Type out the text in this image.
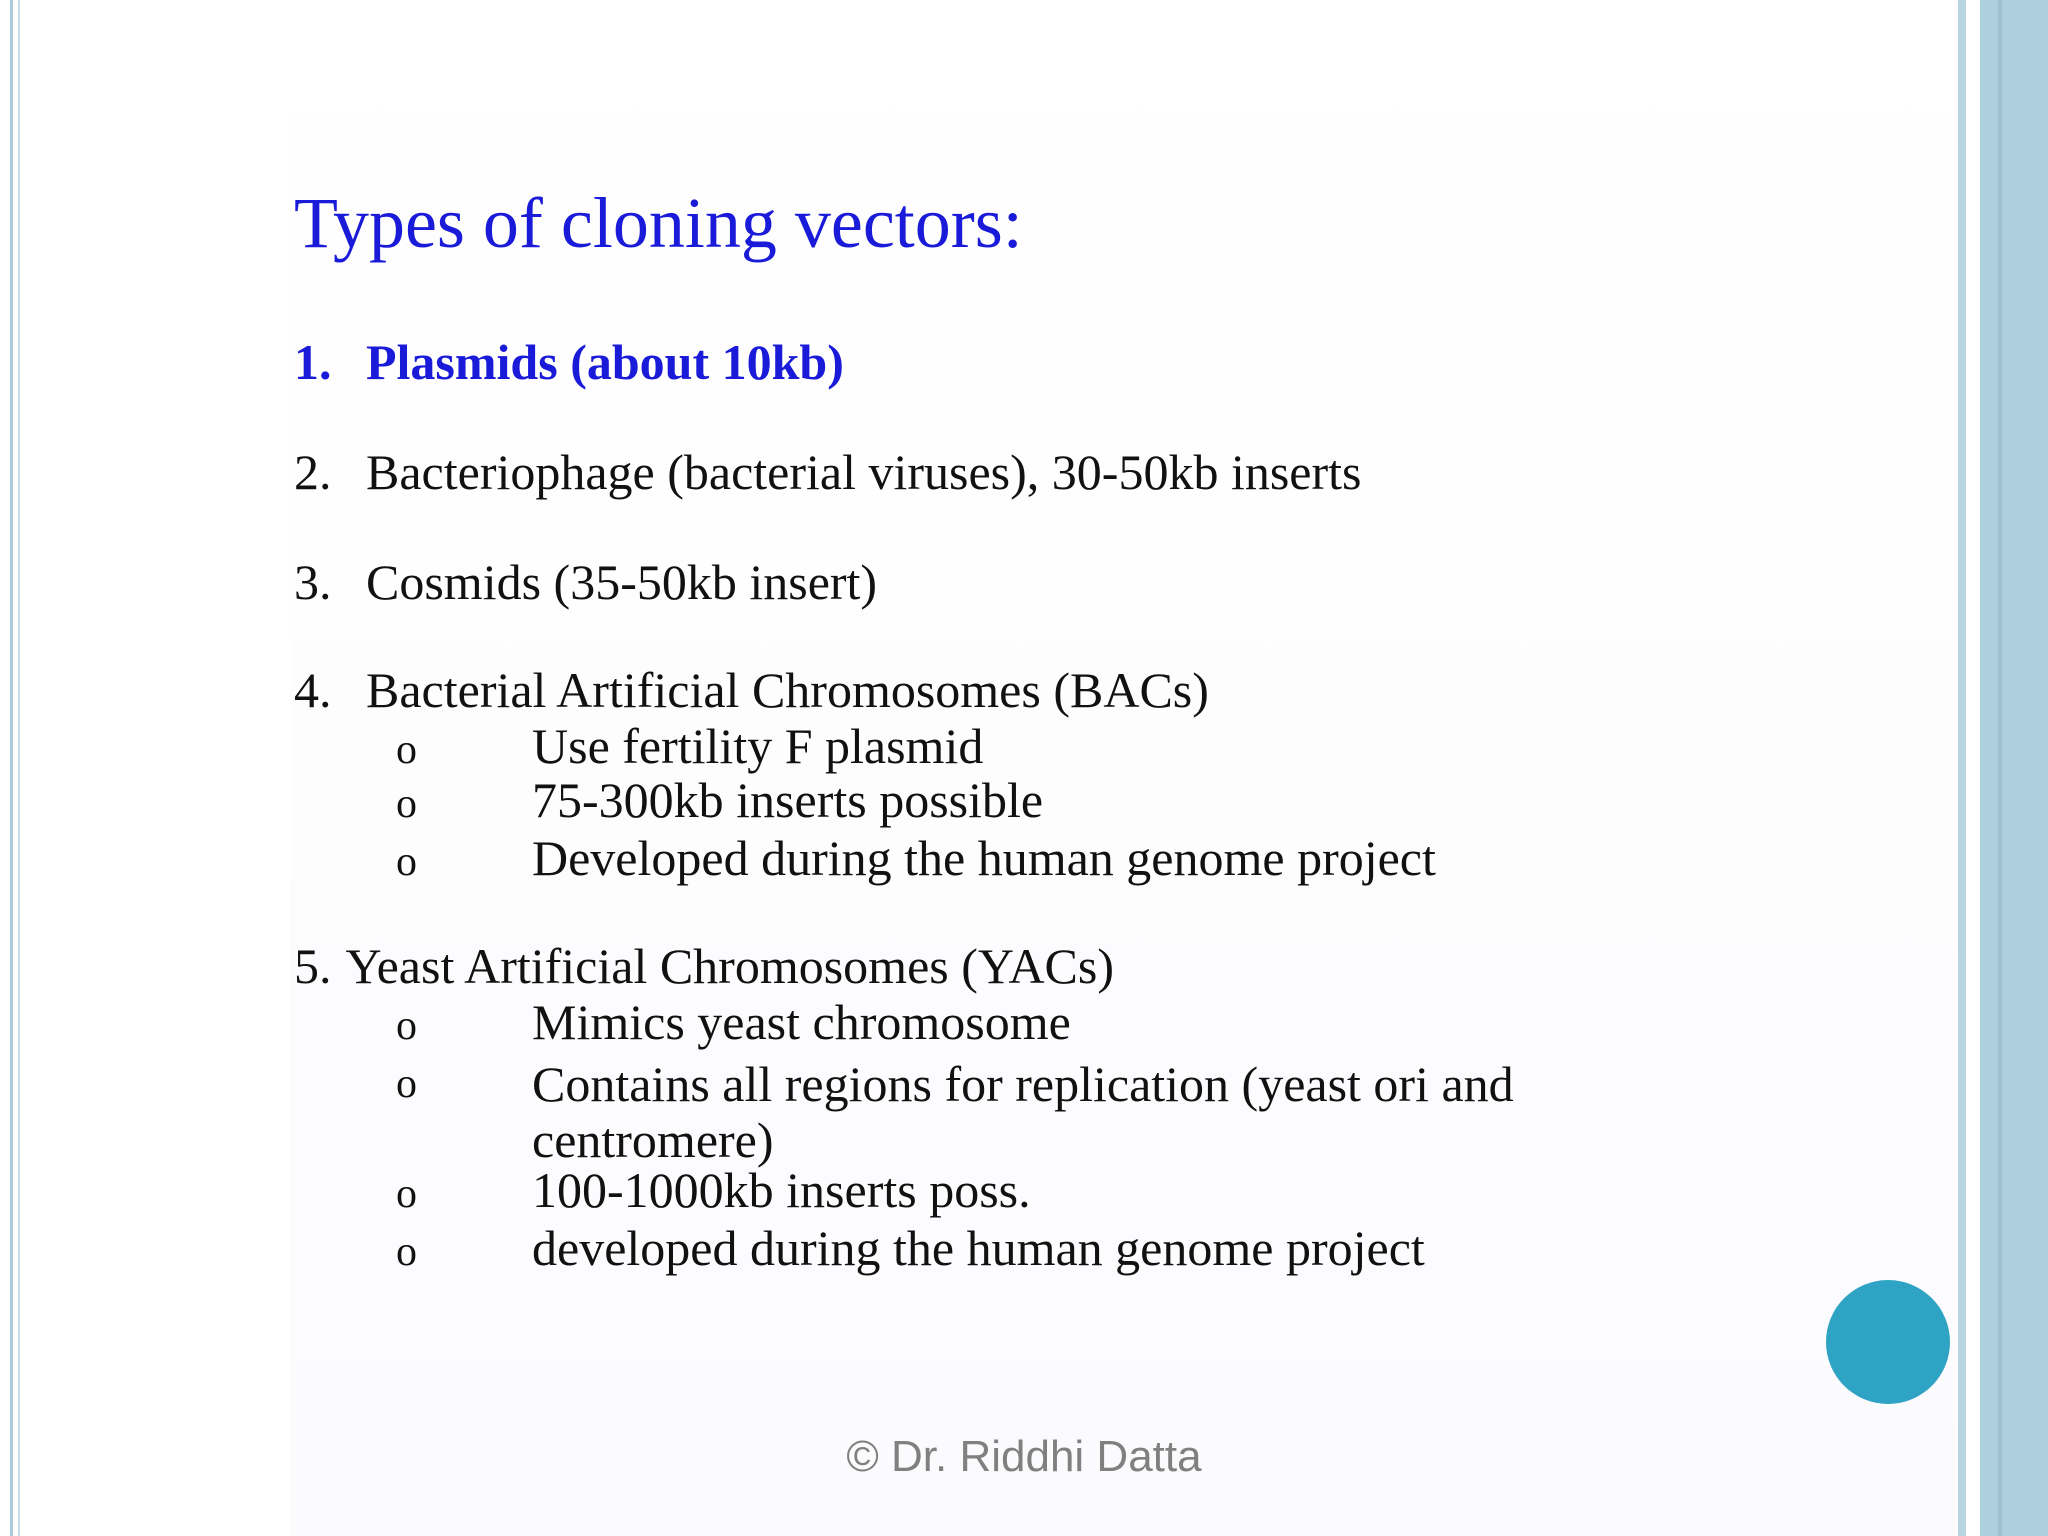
Types of cloning vectors:
1. Plasmids (about 10kb)
2. Bacteriophage (bacterial viruses), 30-50kb inserts
3. Cosmids (35-50kb insert)
4. Bacterial Artificial Chromosomes (BACs)
o Use fertility F plasmid
o 75-300kb inserts possible
o Developed during the human genome project
5. Yeast Artificial Chromosomes (YACs)
o Mimics yeast chromosome
o Contains all regions for replication (yeast ori and centromere)
o 100-1000kb inserts poss.
o developed during the human genome project
© Dr. Riddhi Datta
